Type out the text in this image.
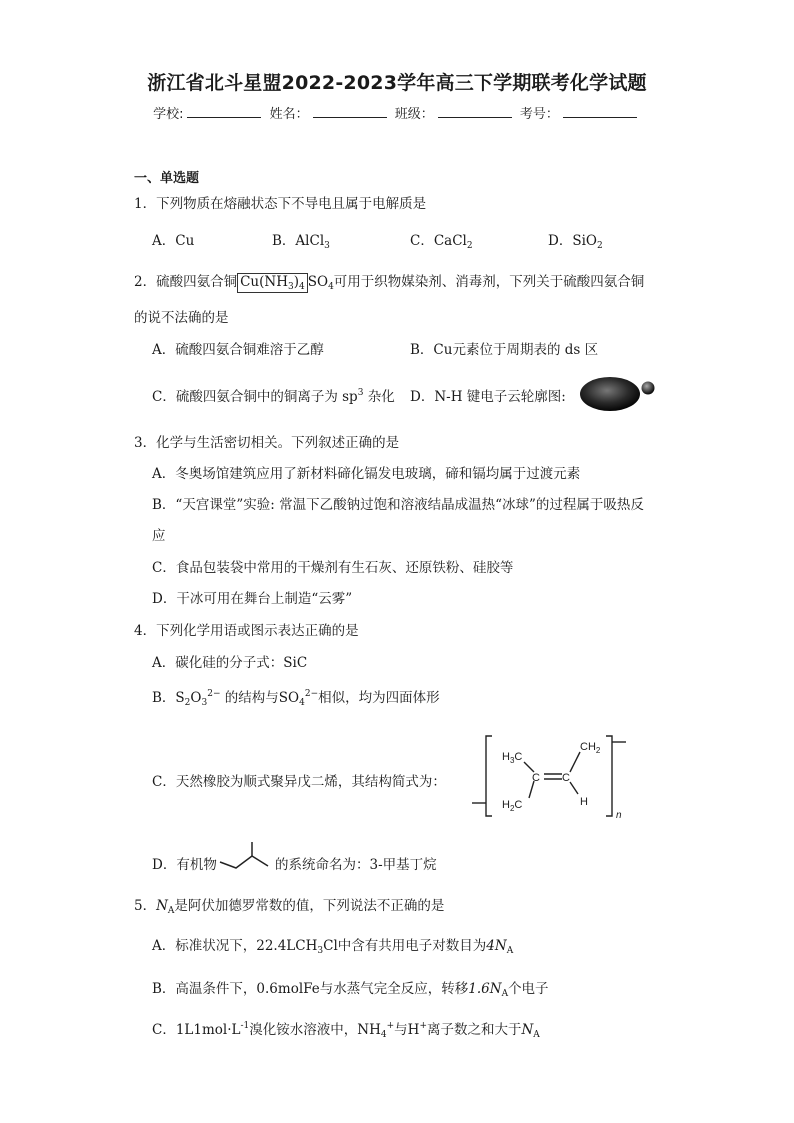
浙江省北斗星盟2022-2023学年高三下学期联考化学试题
学校:	姓名：	班级：	考号：
一、单选题
1．下列物质在熔融状态下不导电且属于电解质是
A．Cu	B．AlCl$_3$	C．CaCl$_2$	D．SiO$_2$
2．硫酸四氨合铜 $Cu(NH_3)_4$ $SO_4$可用于织物媒染剂、消毒剂，下列关于硫酸四氨合铜
的说不法确的是
A．硫酸四氨合铜难溶于乙醇	B．Cu元素位于周期表的 ds 区
C．硫酸四氨合铜中的铜离子为 $sp^3$ 杂化 D．N-H 键电子云轮廓图:
3．化学与生活密切相关。下列叙述正确的是
A．冬奥场馆建筑应用了新材料碲化镉发电玻璃，碲和镉均属于过渡元素
B．“天宫课堂”实验: 常温下乙酸钠过饱和溶液结晶成温热“冰球”的过程属于吸热反
应
C．食品包装袋中常用的干燥剂有生石灰、还原铁粉、硅胶等
D．干冰可用在舞台上制造“云雾”
4．下列化学用语或图示表达正确的是
A．碳化硅的分子式：SiC
B．$S_2O_3^{2-}$ 的结构与$SO_4^{2-}$相似，均为四面体形
C．天然橡胶为顺式聚异戊二烯，其结构简式为：
$H_3C$
$CH_2$
C C
$H_2C$	H
n
D．有机物	的系统命名为：3-甲基丁烷
5．$N_A$是阿伏加德罗常数的值，下列说法不正确的是
A．标准状况下，$22.4LCH_3Cl$中含有共用电子对数目为$4N_A$
B．高温条件下，0.6molFe与水蒸气完全反应，转移$1.6N_A$个电子
C．$1L1mol\cdot L^{-1}$溴化铵水溶液中，$NH_4^+$与H+离子数之和大于$N_A$
